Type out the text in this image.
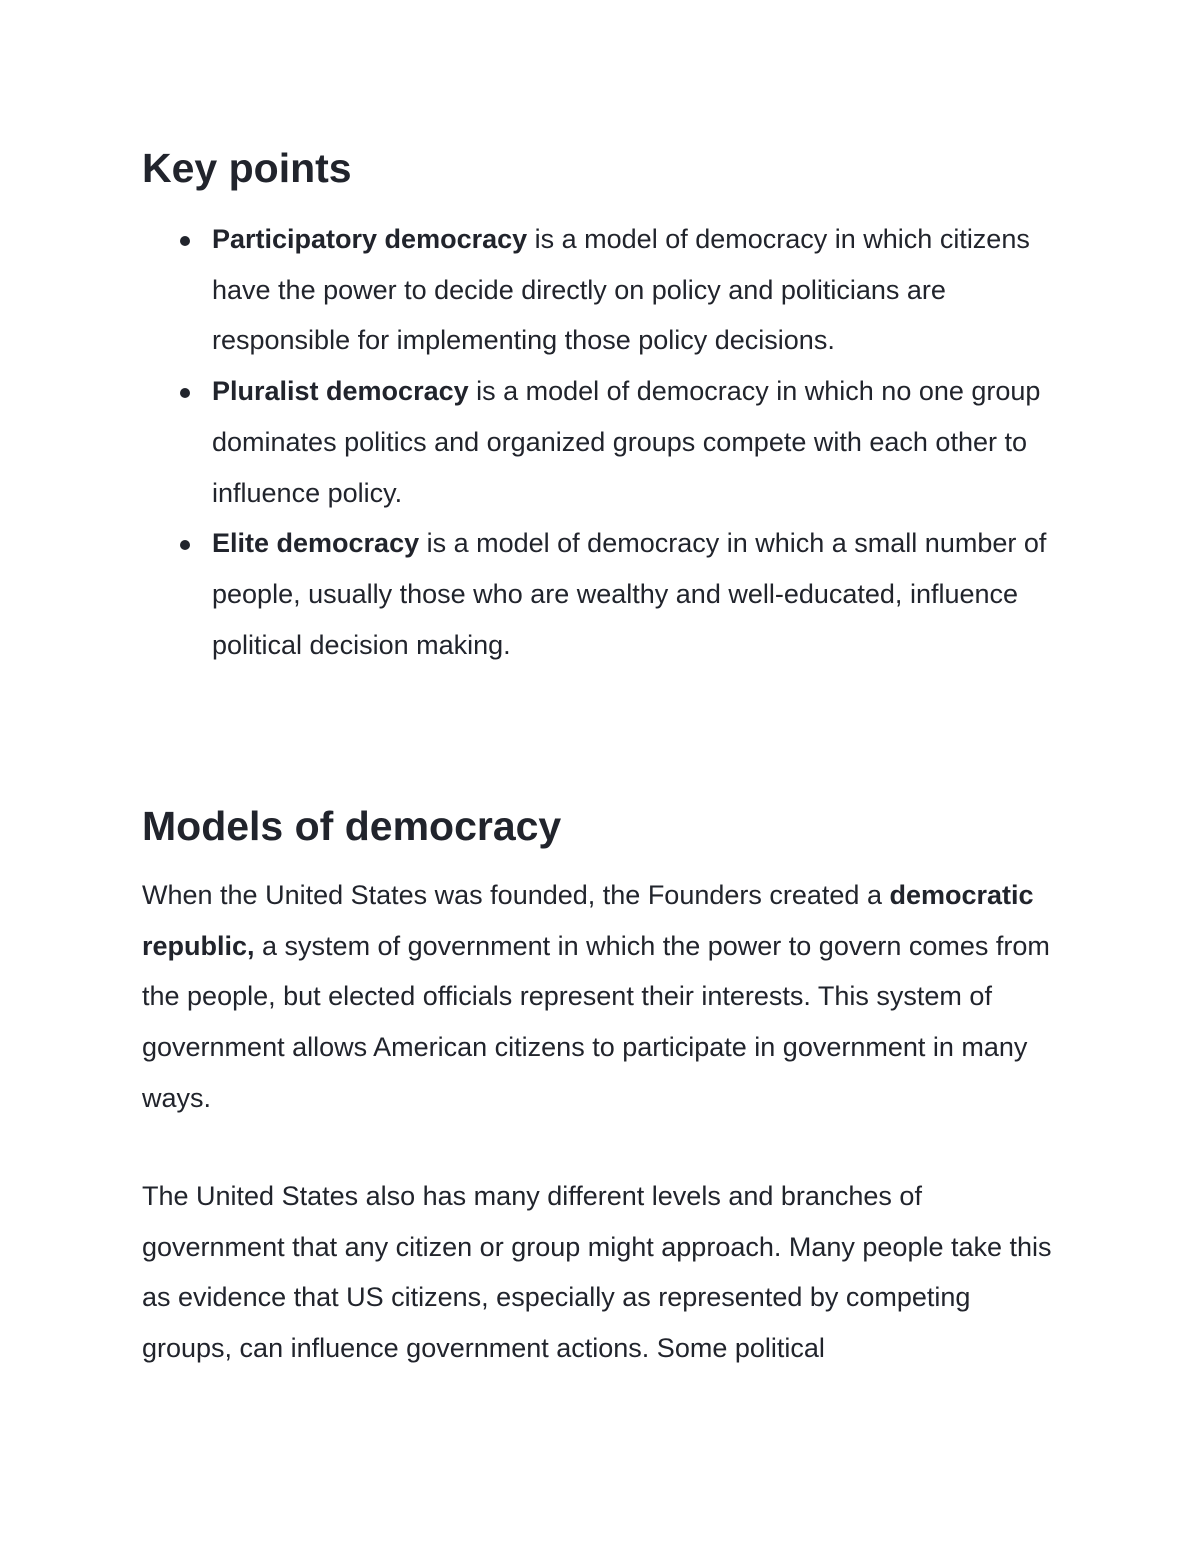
Key points
Participatory democracy is a model of democracy in which citizens have the power to decide directly on policy and politicians are responsible for implementing those policy decisions.
Pluralist democracy is a model of democracy in which no one group dominates politics and organized groups compete with each other to influence policy.
Elite democracy is a model of democracy in which a small number of people, usually those who are wealthy and well-educated, influence political decision making.
Models of democracy

When the United States was founded, the Founders created a democratic republic, a system of government in which the power to govern comes from the people, but elected officials represent their interests. This system of government allows American citizens to participate in government in many ways.

The United States also has many different levels and branches of government that any citizen or group might approach. Many people take this as evidence that US citizens, especially as represented by competing groups, can influence government actions. Some political
